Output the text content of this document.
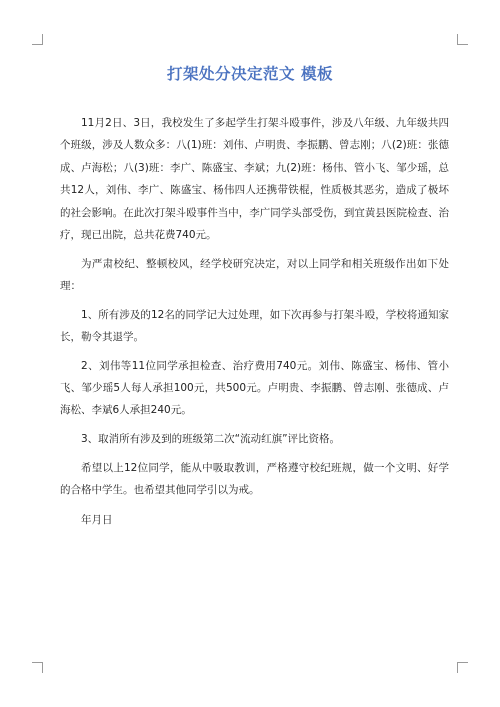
打架处分决定范文 模板

11月2日、3日，我校发生了多起学生打架斗殴事件，涉及八年级、九年级共四个班级，涉及人数众多：八(1)班：刘伟、卢明贵、李振鹏、曾志刚；八(2)班：张德成、卢海松；八(3)班：李广、陈盛宝、李斌；九(2)班：杨伟、管小飞、邹少瑶，总共12人，刘伟、李广、陈盛宝、杨伟四人还携带铁棍，性质极其恶劣，造成了极坏的社会影响。在此次打架斗殴事件当中，李广同学头部受伤，到宜黄县医院检查、治疗，现已出院，总共花费740元。

为严肃校纪、整顿校风，经学校研究决定，对以上同学和相关班级作出如下处理：

1、所有涉及的12名的同学记大过处理，如下次再参与打架斗殴，学校将通知家长，勒令其退学。

2、刘伟等11位同学承担检查、治疗费用740元。刘伟、陈盛宝、杨伟、管小飞、邹少瑶5人每人承担100元，共500元。卢明贵、李振鹏、曾志刚、张德成、卢海松、李斌6人承担240元。

3、取消所有涉及到的班级第二次“流动红旗”评比资格。

希望以上12位同学，能从中吸取教训，严格遵守校纪班规，做一个文明、好学的合格中学生。也希望其他同学引以为戒。

年月日
